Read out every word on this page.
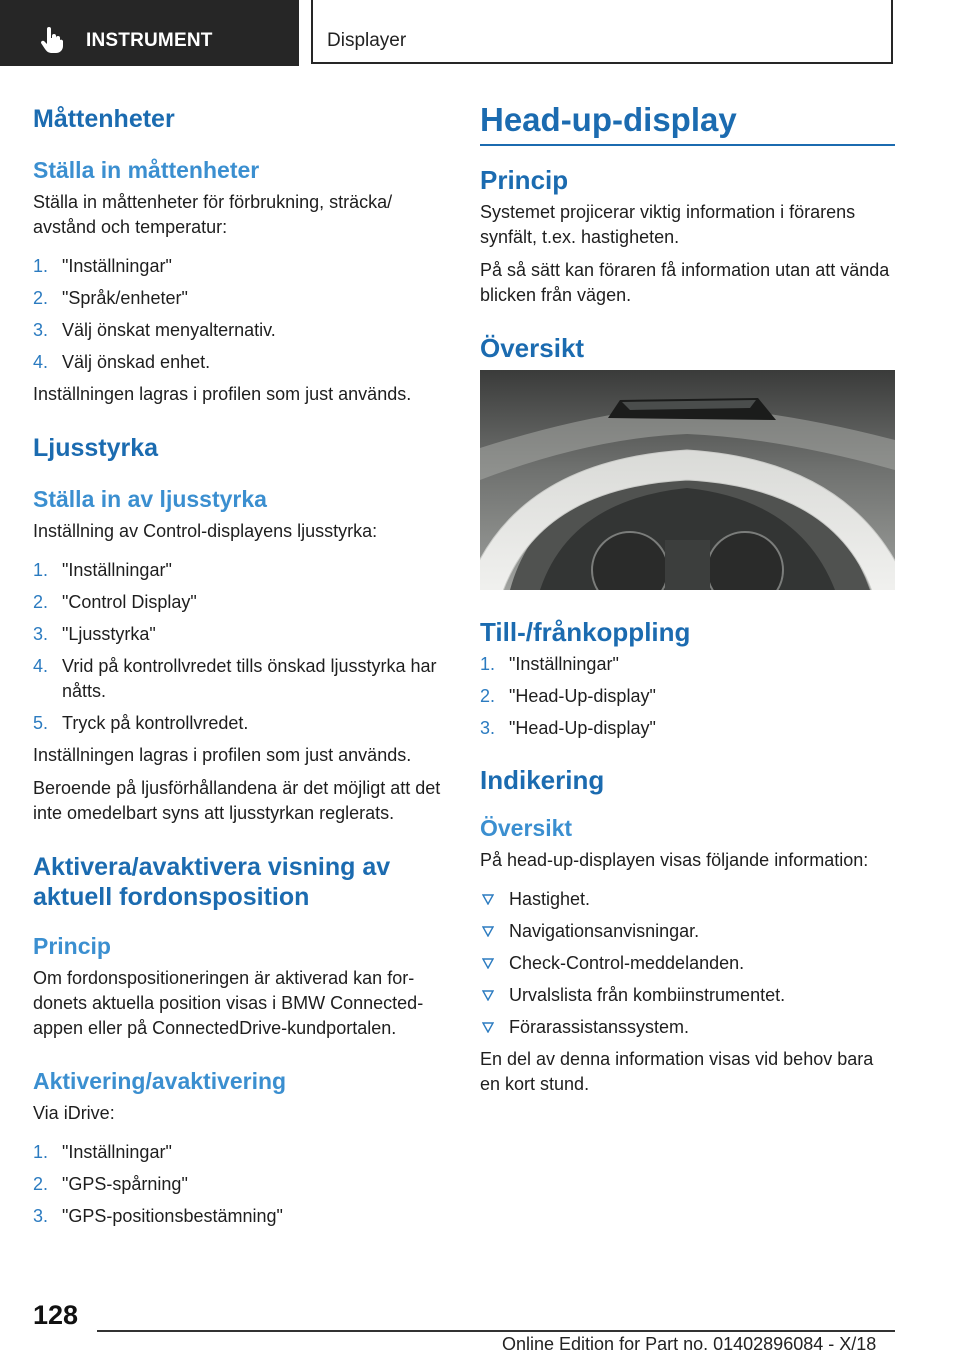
INSTRUMENT	Displayer
Måttenheter
Ställa in måttenheter

Ställa in måttenheter för förbrukning, sträcka/ avstånd och temperatur:

1. "Inställningar"
2. "Språk/enheter"
3. Välj önskat menyalternativ.
4. Välj önskad enhet.

Inställningen lagras i profilen som just används.

Ljusstyrka
Ställa in av ljusstyrka

Inställning av Control-displayens ljusstyrka:

1. "Inställningar"
2. "Control Display"
3. "Ljusstyrka"
4. Vrid på kontrollvredet tills önskad ljusstyrka har nåtts.
5. Tryck på kontrollvredet.

Inställningen lagras i profilen som just används.

Beroende på ljusförhållandena är det möjligt att det inte omedelbart syns att ljusstyrkan reglerats.

Aktivera/avaktivera visning av aktuell fordonsposition
Princip

Om fordonspositioneringen är aktiverad kan for- donets aktuella position visas i BMW Connected- appen eller på ConnectedDrive-kundportalen.

Aktivering/avaktivering

Via iDrive:

1. "Inställningar"
2. "GPS-spårning"
3. "GPS-positionsbestämning"
Head-up-display
Princip

Systemet projicerar viktig information i förarens synfält, t.ex. hastigheten.

På så sätt kan föraren få information utan att vända blicken från vägen.

Översikt
Till-/frånkoppling
1. "Inställningar"
2. "Head-Up-display"
3. "Head-Up-display"
Indikering
Översikt

På head-up-displayen visas följande information:

Hastighet.
Navigationsanvisningar.
Check-Control-meddelanden.
Urvalslista från kombiinstrumentet.
Förarassistanssystem.

En del av denna information visas vid behov bara en kort stund.

128
Online Edition for Part no. 01402896084 - X/18
